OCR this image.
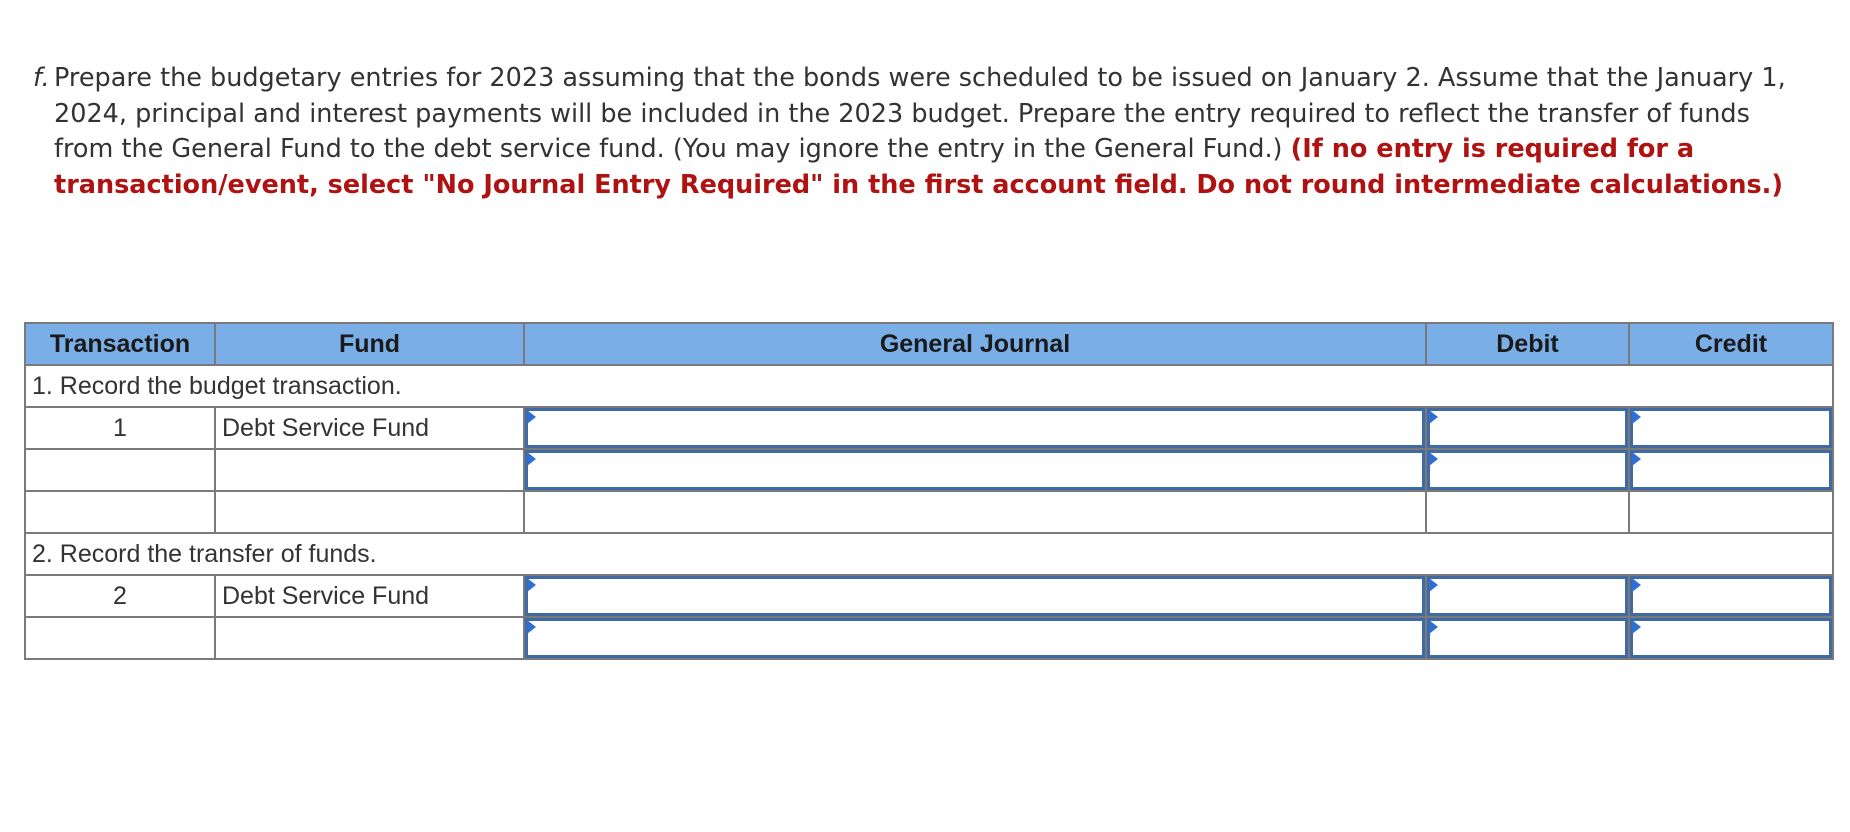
f. Prepare the budgetary entries for 2023 assuming that the bonds were scheduled to be issued on January 2. Assume that the January 1, 2024, principal and interest payments will be included in the 2023 budget. Prepare the entry required to reflect the transfer of funds from the General Fund to the debt service fund. (You may ignore the entry in the General Fund.) (If no entry is required for a transaction/event, select "No Journal Entry Required" in the first account field. Do not round intermediate calculations.)
Transaction	Fund	General Journal	Debit	Credit
1. Record the budget transaction.				
1	Debt Service Fund	

2. Record the transfer of funds.				
2	Debt Service Fund	
